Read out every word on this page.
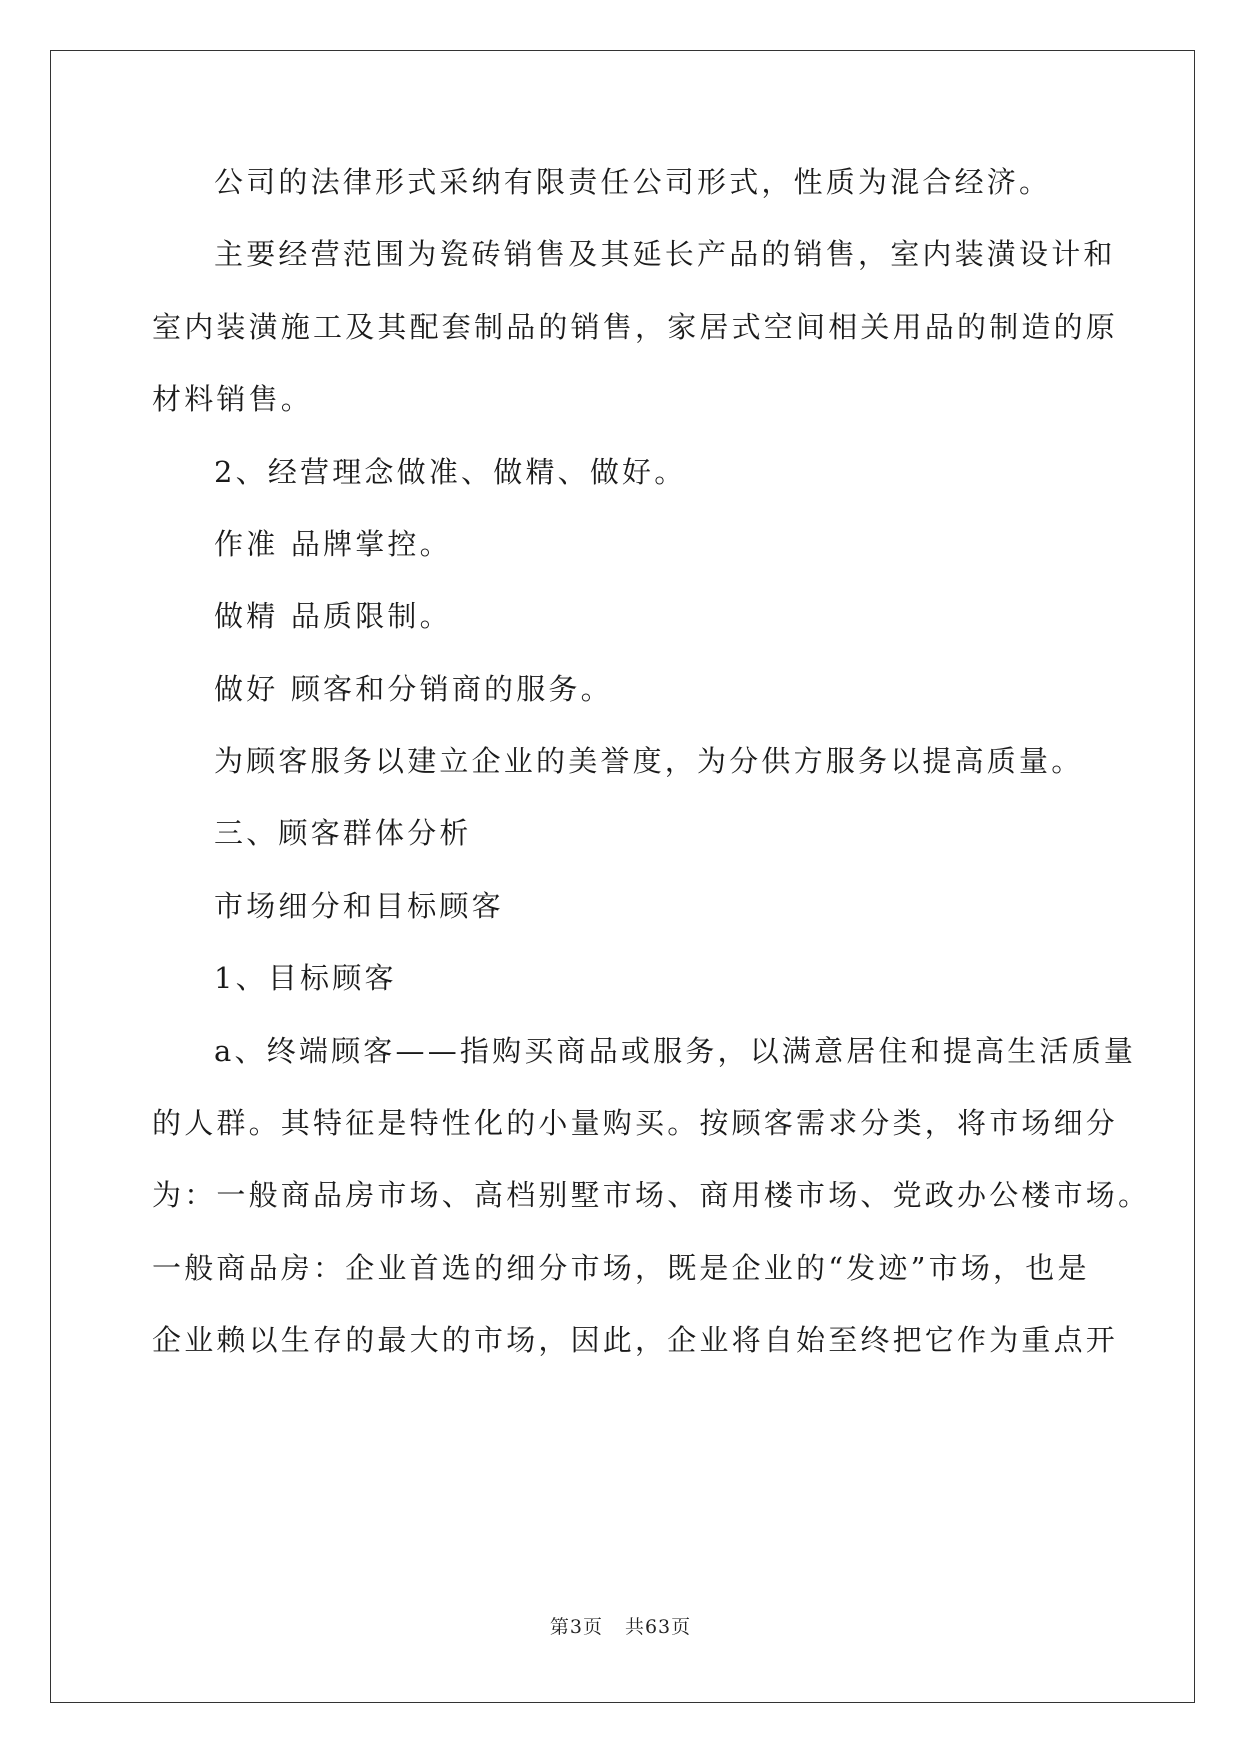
公司的法律形式采纳有限责任公司形式，性质为混合经济。
主要经营范围为瓷砖销售及其延长产品的销售，室内装潢设计和
室内装潢施工及其配套制品的销售，家居式空间相关用品的制造的原
材料销售。
2、经营理念做准、做精、做好。
作准 品牌掌控。
做精 品质限制。
做好 顾客和分销商的服务。
为顾客服务以建立企业的美誉度，为分供方服务以提高质量。
三、顾客群体分析
市场细分和目标顾客
1、目标顾客
a、终端顾客——指购买商品或服务，以满意居住和提高生活质量
的人群。其特征是特性化的小量购买。按顾客需求分类，将市场细分
为：一般商品房市场、高档别墅市场、商用楼市场、党政办公楼市场。
一般商品房：企业首选的细分市场，既是企业的“发迹”市场，也是
企业赖以生存的最大的市场，因此，企业将自始至终把它作为重点开
第3页 共63页
